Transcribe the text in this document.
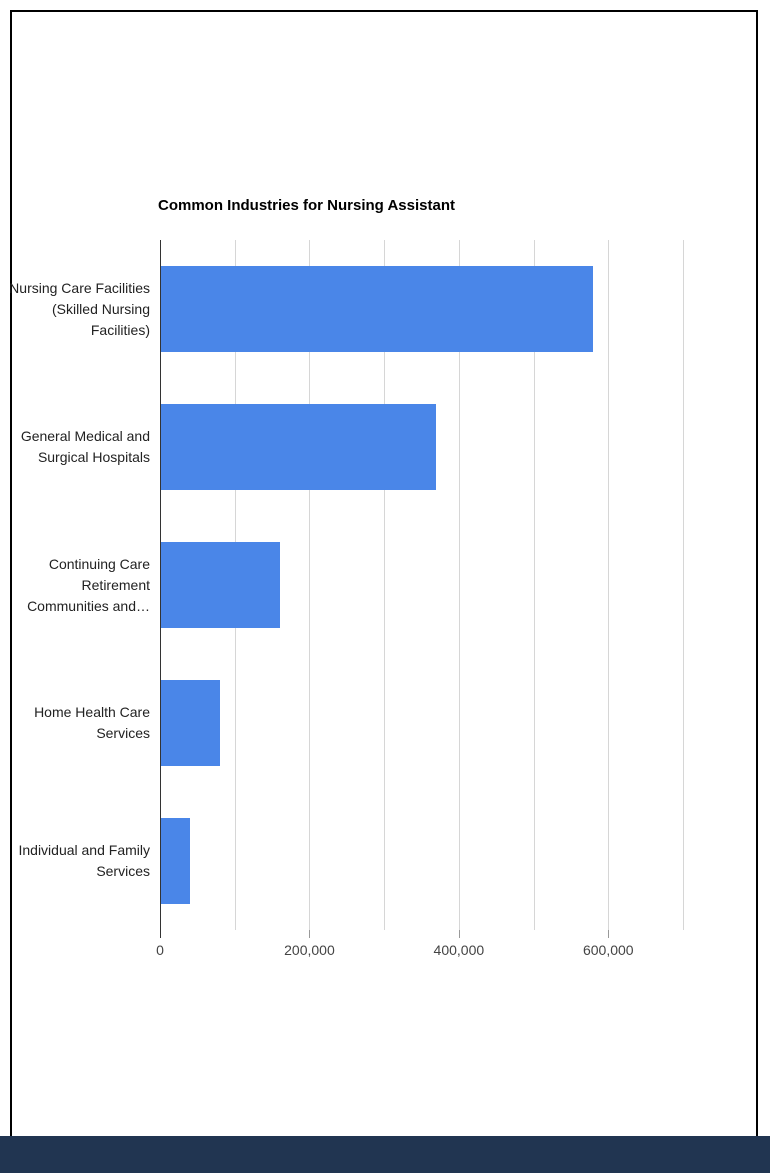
Common Industries for Nursing Assistant
Nursing Care Facilities (Skilled Nursing Facilities)
General Medical and Surgical Hospitals
Continuing Care Retirement Communities and…
Home Health Care Services
Individual and Family Services
0	200,000	400,000	600,000
